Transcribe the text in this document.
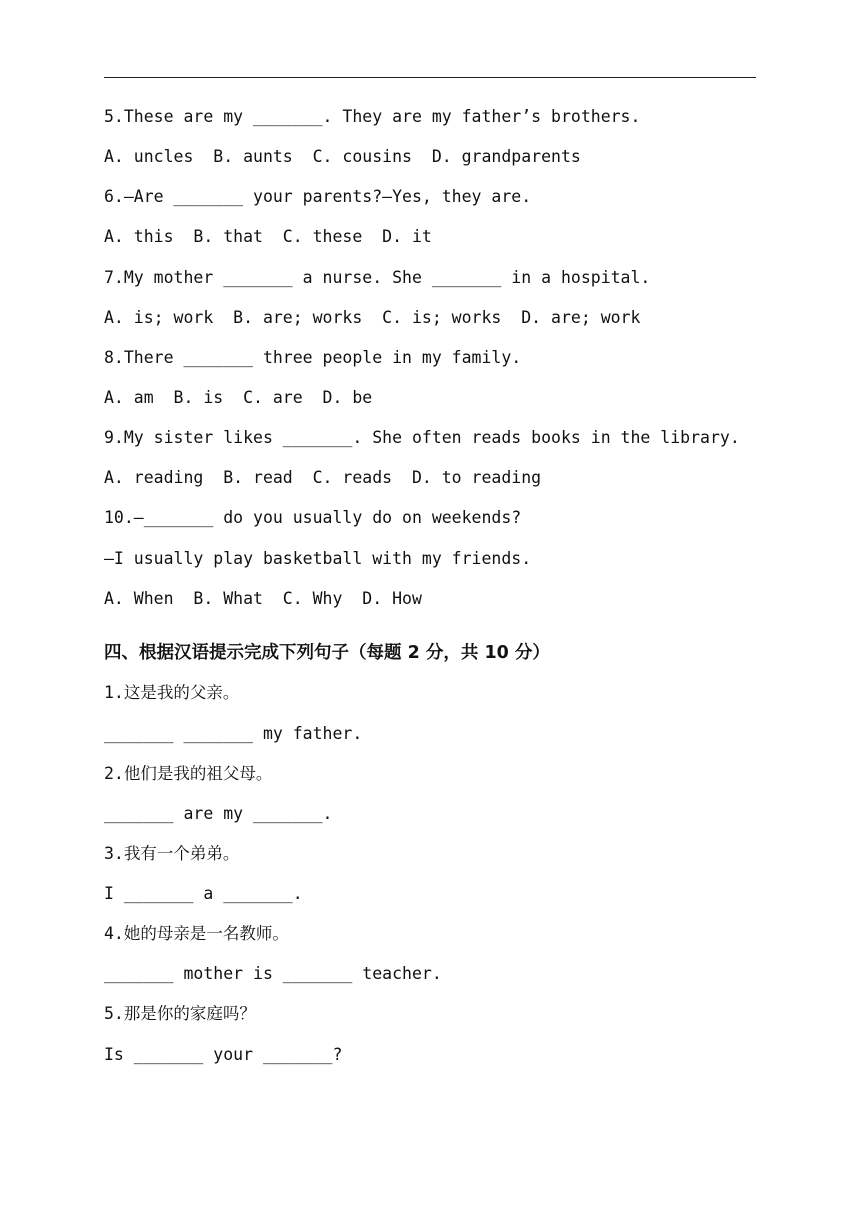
5.These are my _______. They are my father’s brothers.
A. uncles  B. aunts  C. cousins  D. grandparents
6.—Are _______ your parents?—Yes, they are.
A. this  B. that  C. these  D. it
7.My mother _______ a nurse. She _______ in a hospital.
A. is; work  B. are; works  C. is; works  D. are; work
8.There _______ three people in my family.
A. am  B. is  C. are  D. be
9.My sister likes _______. She often reads books in the library.
A. reading  B. read  C. reads  D. to reading
10.—_______ do you usually do on weekends?
—I usually play basketball with my friends.
A. When  B. What  C. Why  D. How
四、根据汉语提示完成下列句子（每题 2 分，共 10 分）
1.这是我的父亲。
_______ _______ my father.
2.他们是我的祖父母。
_______ are my _______.
3.我有一个弟弟。
I _______ a _______.
4.她的母亲是一名教师。
_______ mother is _______ teacher.
5.那是你的家庭吗？
Is _______ your _______?
